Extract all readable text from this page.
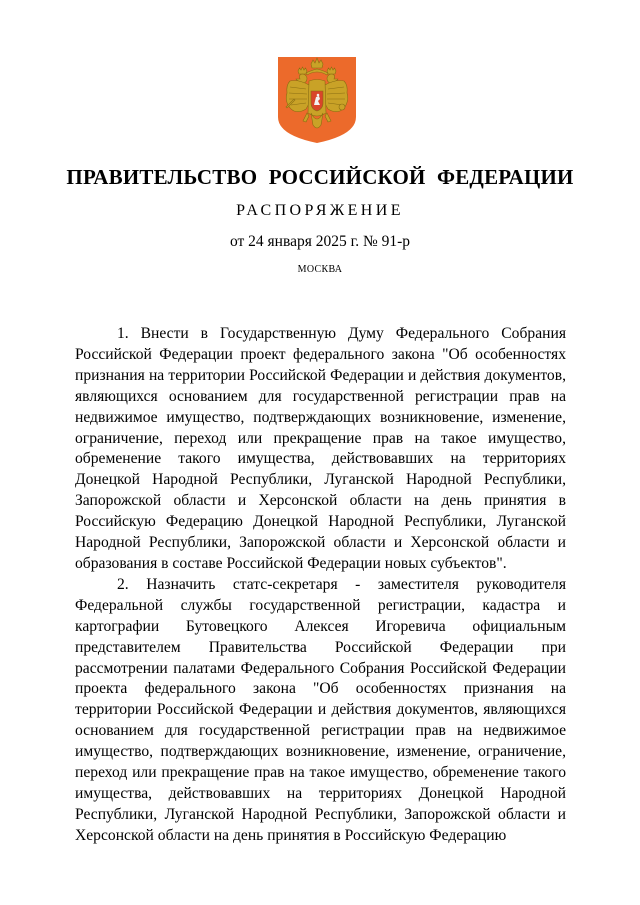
ПРАВИТЕЛЬСТВО РОССИЙСКОЙ ФЕДЕРАЦИИ
РАСПОРЯЖЕНИЕ
от 24 января 2025 г. № 91-р
МОСКВА

1. Внести в Государственную Думу Федерального Собрания Российской Федерации проект федерального закона "Об особенностях признания на территории Российской Федерации и действия документов, являющихся основанием для государственной регистрации прав на недвижимое имущество, подтверждающих возникновение, изменение, ограничение, переход или прекращение прав на такое имущество, обременение такого имущества, действовавших на территориях Донецкой Народной Республики, Луганской Народной Республики, Запорожской области и Херсонской области на день принятия в Российскую Федерацию Донецкой Народной Республики, Луганской Народной Республики, Запорожской области и Херсонской области и образования в составе Российской Федерации новых субъектов".

2. Назначить статс-секретаря - заместителя руководителя Федеральной службы государственной регистрации, кадастра и картографии Бутовецкого Алексея Игоревича официальным представителем Правительства Российской Федерации при рассмотрении палатами Федерального Собрания Российской Федерации проекта федерального закона "Об особенностях признания на территории Российской Федерации и действия документов, являющихся основанием для государственной регистрации прав на недвижимое имущество, подтверждающих возникновение, изменение, ограничение, переход или прекращение прав на такое имущество, обременение такого имущества, действовавших на территориях Донецкой Народной Республики, Луганской Народной Республики, Запорожской области и Херсонской области на день принятия в Российскую Федерацию
